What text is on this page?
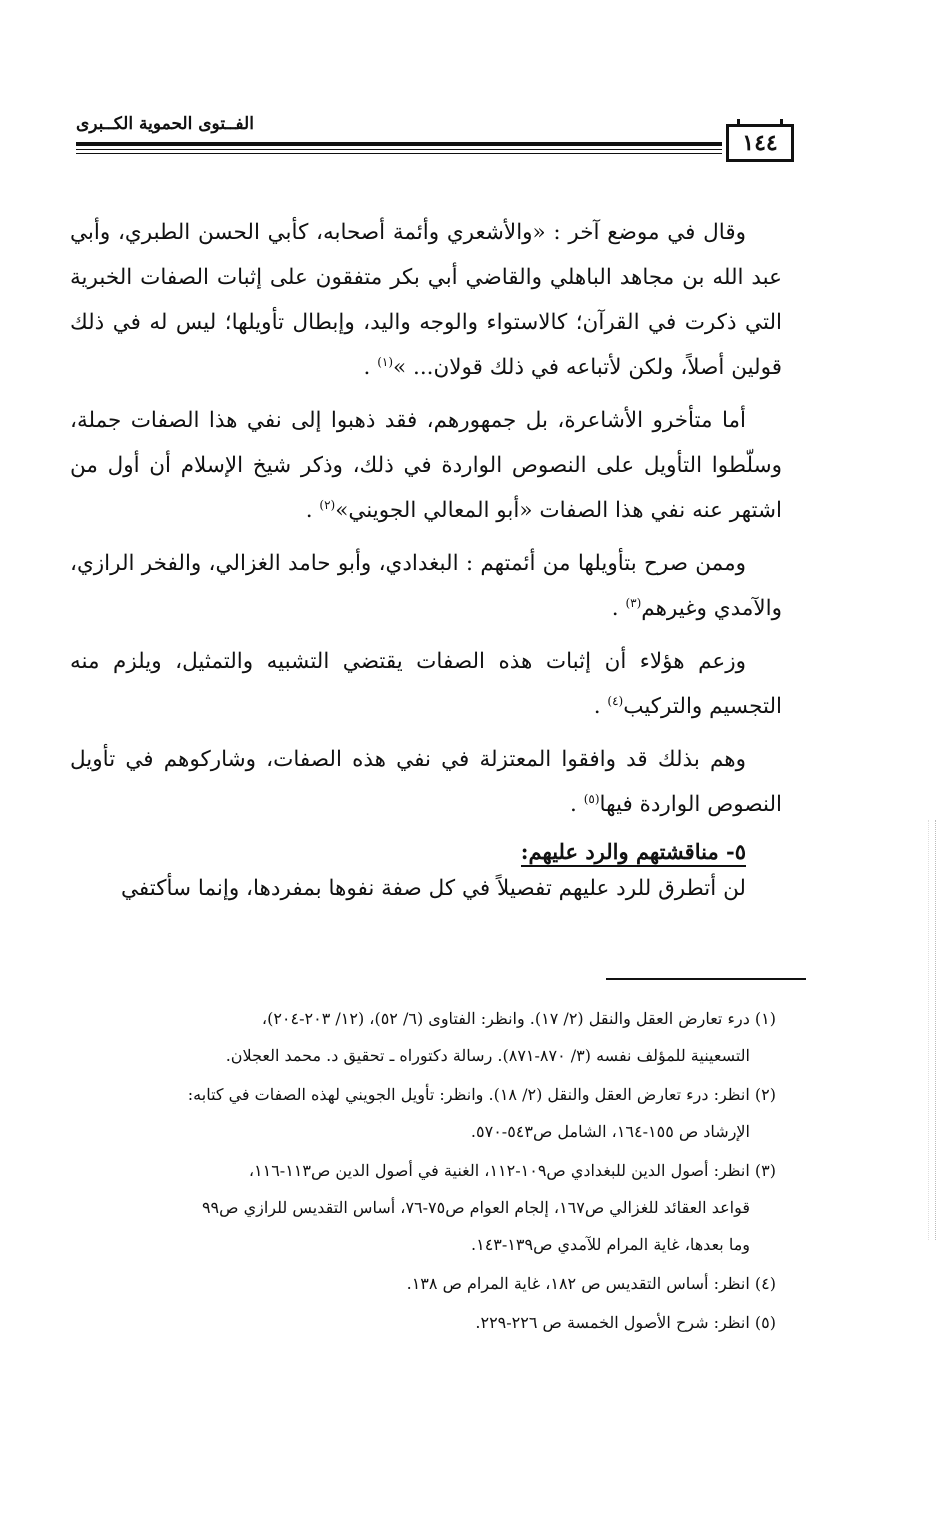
١٤٤
الفــتوى الحموية الكــبرى

وقال في موضع آخر : «والأشعري وأئمة أصحابه، كأبي الحسن الطبري، وأبي عبد الله بن مجاهد الباهلي والقاضي أبي بكر متفقون على إثبات الصفات الخبرية التي ذكرت في القرآن؛ كالاستواء والوجه واليد، وإبطال تأويلها؛ ليس له في ذلك قولين أصلاً، ولكن لأتباعه في ذلك قولان... »$^{(١)}$ .

أما متأخرو الأشاعرة، بل جمهورهم، فقد ذهبوا إلى نفي هذا الصفات جملة، وسلّطوا التأويل على النصوص الواردة في ذلك، وذكر شيخ الإسلام أن أول من اشتهر عنه نفي هذا الصفات «أبو المعالي الجويني»$^{(٢)}$ .

وممن صرح بتأويلها من أئمتهم : البغدادي، وأبو حامد الغزالي، والفخر الرازي، والآمدي وغيرهم$^{(٣)}$ .

وزعم هؤلاء أن إثبات هذه الصفات يقتضي التشبيه والتمثيل، ويلزم منه التجسيم والتركيب$^{(٤)}$ .

وهم بذلك قد وافقوا المعتزلة في نفي هذه الصفات، وشاركوهم في تأويل النصوص الواردة فيها$^{(٥)}$ .

٥- مناقشتهم والرد عليهم:

لن أتطرق للرد عليهم تفصيلاً في كل صفة نفوها بمفردها، وإنما سأكتفي

(١) درء تعارض العقل والنقل (٢/ ١٧). وانظر: الفتاوى (٦/ ٥٢)، (١٢/ ٢٠٣-٢٠٤)،
التسعينية للمؤلف نفسه (٣/ ٨٧٠-٨٧١). رسالة دكتوراه ـ تحقيق د. محمد العجلان.
(٢) انظر: درء تعارض العقل والنقل (٢/ ١٨). وانظر: تأويل الجويني لهذه الصفات في كتابه:
الإرشاد ص ١٥٥-١٦٤، الشامل ص٥٤٣-٥٧٠.
(٣) انظر: أصول الدين للبغدادي ص١٠٩-١١٢، الغنية في أصول الدين ص١١٣-١١٦،
قواعد العقائد للغزالي ص١٦٧، إلجام العوام ص٧٥-٧٦، أساس التقديس للرازي ص٩٩
وما بعدها، غاية المرام للآمدي ص١٣٩-١٤٣.
(٤) انظر: أساس التقديس ص ١٨٢، غاية المرام ص ١٣٨.
(٥) انظر: شرح الأصول الخمسة ص ٢٢٦-٢٢٩.
